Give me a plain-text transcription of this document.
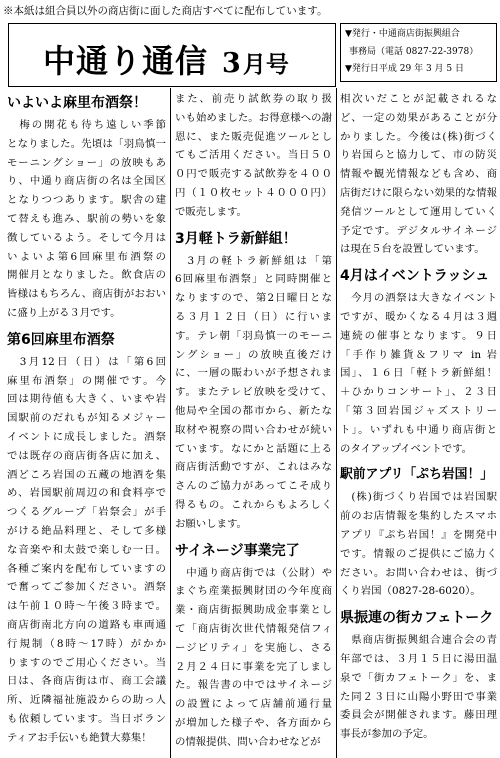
※本紙は組合員以外の商店街に面した商店すべてに配布しています。
中通り通信 3 月号
▼発行・中通商店街振興組合
事務局（電話 0827-22-3978）
▼発行日平成 29 年 3 月 5 日
いよいよ麻里布酒祭！
　梅の開花も待ち遠しい季節
となりました。先頃は「羽鳥慎一
モーニングショー」の放映もあ
り、中通り商店街の名は全国区
となりつつあります。駅舎の建
て替えも進み、駅前の勢いを象
徴しているよう。そして今月は
いよいよ第6回麻里布酒祭の
開催月となりました。飲食店の
皆様はもちろん、商店街がおおい
に盛り上がる３月です。
第6回麻里布酒祭
　3月12日（日）は「第6回
麻里布酒祭」の開催です。今
回は期待値も大きく、いまや岩
国駅前のだれもが知るメジャー
イベントに成長しました。酒祭
では既存の商店街各店に加え、
酒どころ岩国の五蔵の地酒を集
め、岩国駅前周辺の和食料亭で
つくるグループ「岩祭会」が手
がける絶品料理と、そして多様
な音楽や和太鼓で楽しむ一日。
各種ご案内を配布していますの
で奮ってご参加ください。酒祭
は午前１０時～午後３時まで。
商店街南北方向の道路も車両通
行規制（8時～17時）がかか
りますのでご用心ください。当
日は、各商店街は市、商工会議
所、近隣福祉施設からの助っ人
も依頼しています。当日ボラン
ティアお手伝いも絶賛大募集！
また、前売り試飲券の取り扱
いも始めました。お得意様への謝
恩に、また販売促進ツールとし
てもご活用ください。当日５０
０円で販売する試飲券を４００
円（１０枚セット４０００円）
で販売します。
3月軽トラ新鮮組！
　3月の軽トラ新鮮組は「第
6回麻里布酒祭」と同時開催と
なりますので、第2日曜日とな
る３月１２日（日）に行いま
す。テレ朝「羽鳥慎一のモーニ
ングショー」の放映直後だけ
に、一層の賑わいが予想されま
す。またテレビ放映を受けて、
他局や全国の都市から、新たな
取材や視察の問い合わせが続い
ています。なにかと話題に上る
商店街活動ですが、これはみな
さんのご協力があってこそ成り
得るもの。これからもよろしく
お願いします。
サイネージ事業完了
　中通り商店街では（公財）や
まぐち産業振興財団の今年度商
業・商店街振興助成金事業とし
て「商店街次世代情報発信フィ
ージビリティ」を実施し、さる
２月２４日に事業を完了しまし
た。報告書の中ではサイネージ
の設置によって店舗前通行量
が増加した様子や、各方面から
の情報提供、問い合わせなどが
相次いだことが記載されるな
ど、一定の効果があることが分
かりました。今後は(株)街づく
り岩国らと協力して、市の防災
情報や観光情報なども含め、商
店街だけに限らない効果的な情報
発信ツールとして運用していく
予定です。デジタルサイネージ
は現在５台を設置しています。
4月はイベントラッシュ
　今月の酒祭は大きなイベント
ですが、暖かくなる４月は３週
連続の催事となります。９日
「手作り雑貨＆フリマ in 岩
国」、１６日「軽トラ新鮮組！
＋ひかりコンサート」、２３日
「第３回岩国ジャズストリー
ト」。いずれも中通り商店街と
のタイアップイベントです。
駅前アプリ「ぷち岩国！」
　(株)街づくり岩国では岩国駅
前のお店情報を集約したスマホ
アプリ『ぷち岩国！』を開発中
です。情報のご提供にご協力く
ださい。お問い合わせは、街づ
くり岩国（0827-28-6020）。
県振連の街カフェトーク
　県商店街振興組合連合会の青
年部では、３月１５日に湯田温
泉で「街カフェトーク」を、ま
た同２３日に山陽小野田で事業
委員会が開催されます。藤田理
事長が参加の予定。
